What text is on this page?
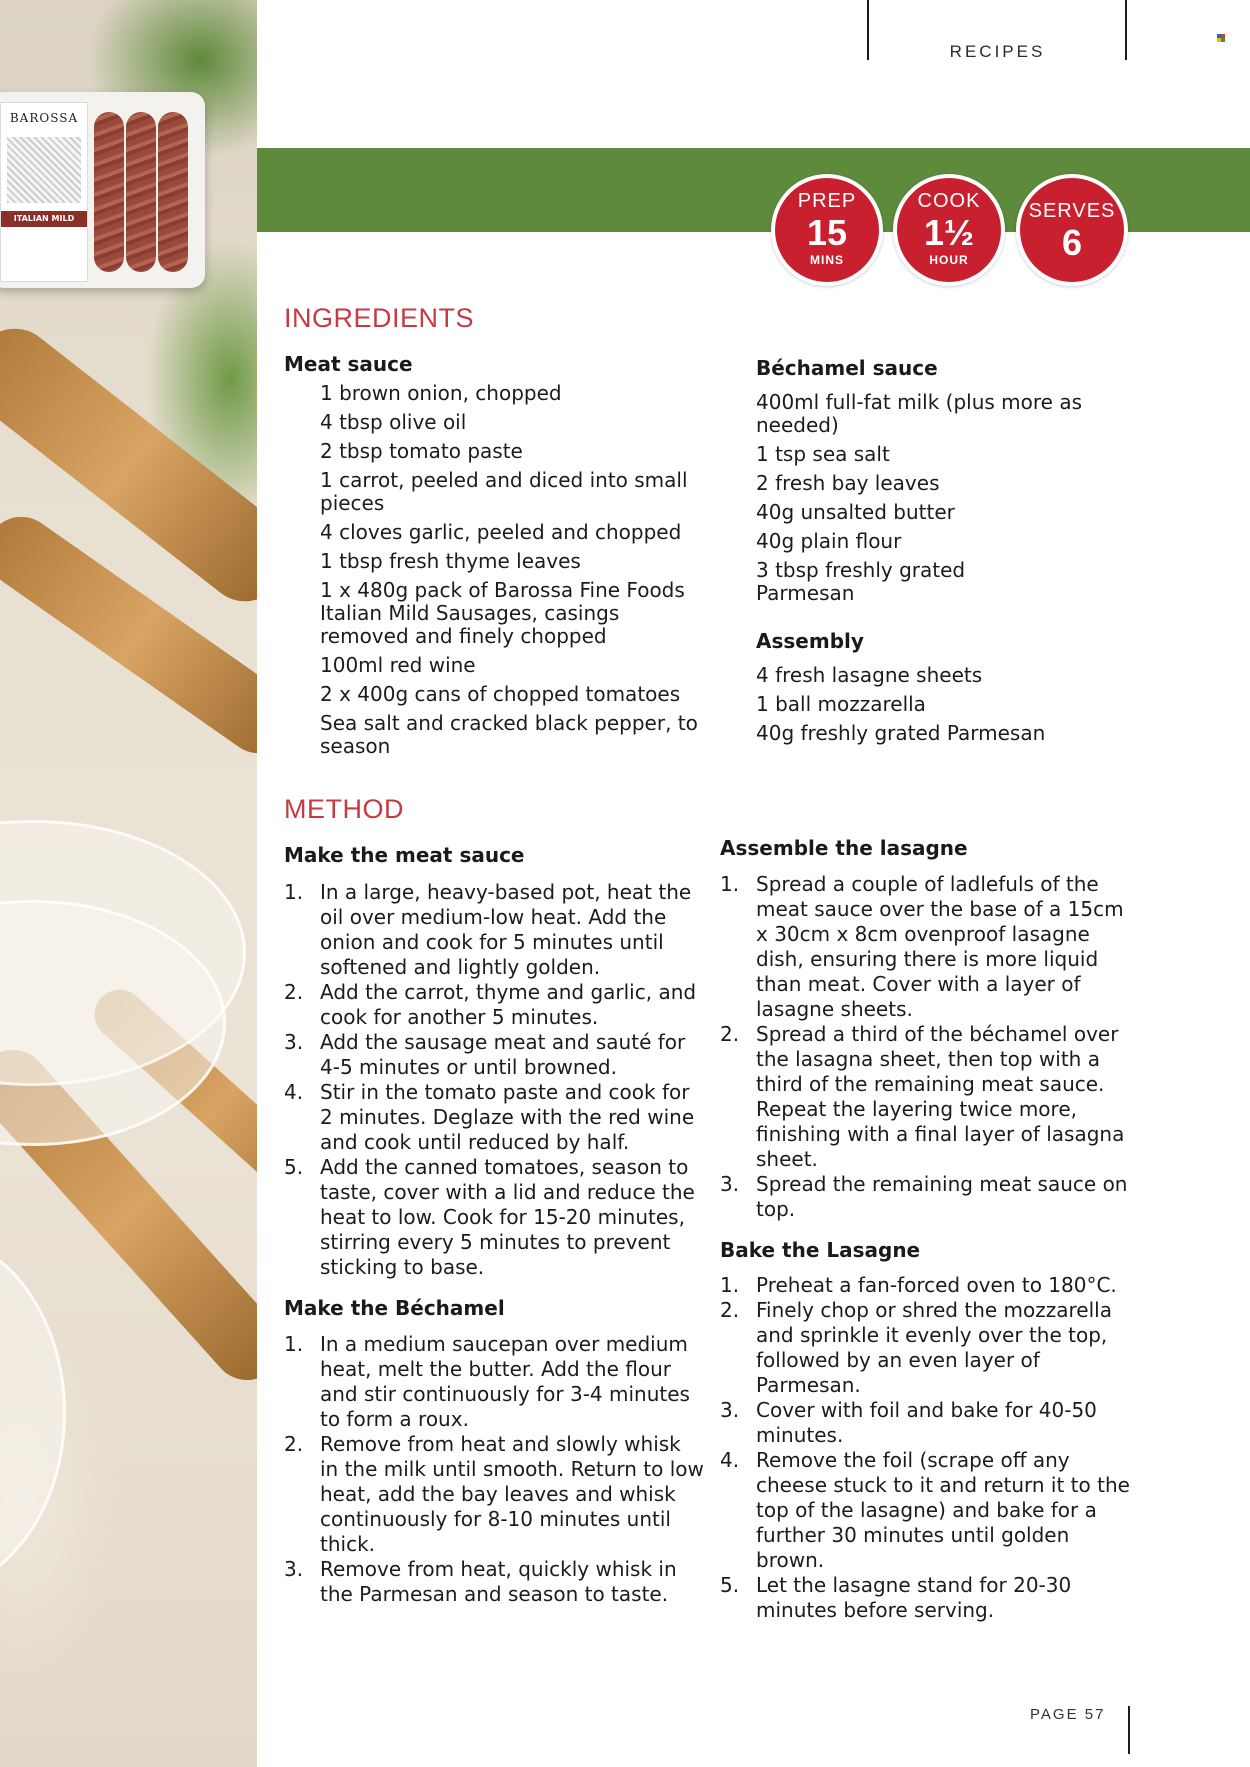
BAROSSA
ITALIAN MILD
RECIPES
PREP
15
MINS
COOK
1½
HOUR
SERVES
6
INGREDIENTS
Meat sauce
1 brown onion, chopped
4 tbsp olive oil
2 tbsp tomato paste
1 carrot, peeled and diced into small pieces
4 cloves garlic, peeled and chopped
1 tbsp fresh thyme leaves
1 x 480g pack of Barossa Fine Foods Italian Mild Sausages, casings removed and finely chopped
100ml red wine
2 x 400g cans of chopped tomatoes
Sea salt and cracked black pepper, to season
Béchamel sauce
400ml full-fat milk (plus more as needed)
1 tsp sea salt
2 fresh bay leaves
40g unsalted butter
40g plain flour
3 tbsp freshly grated Parmesan
Assembly
4 fresh lasagne sheets
1 ball mozzarella
40g freshly grated Parmesan
METHOD
Make the meat sauce
1. In a large, heavy-based pot, heat the oil over medium-low heat. Add the onion and cook for 5 minutes until softened and lightly golden.
2. Add the carrot, thyme and garlic, and cook for another 5 minutes.
3. Add the sausage meat and sauté for 4-5 minutes or until browned.
4. Stir in the tomato paste and cook for 2 minutes. Deglaze with the red wine and cook until reduced by half.
5. Add the canned tomatoes, season to taste, cover with a lid and reduce the heat to low. Cook for 15-20 minutes, stirring every 5 minutes to prevent sticking to base.
Make the Béchamel
1. In a medium saucepan over medium heat, melt the butter. Add the flour and stir continuously for 3-4 minutes to form a roux.
2. Remove from heat and slowly whisk in the milk until smooth. Return to low heat, add the bay leaves and whisk continuously for 8-10 minutes until thick.
3. Remove from heat, quickly whisk in the Parmesan and season to taste.
Assemble the lasagne
1. Spread a couple of ladlefuls of the meat sauce over the base of a 15cm x 30cm x 8cm ovenproof lasagne dish, ensuring there is more liquid than meat. Cover with a layer of lasagne sheets.
2. Spread a third of the béchamel over the lasagna sheet, then top with a third of the remaining meat sauce. Repeat the layering twice more, finishing with a final layer of lasagna sheet.
3. Spread the remaining meat sauce on top.
Bake the Lasagne
1. Preheat a fan-forced oven to 180°C.
2. Finely chop or shred the mozzarella and sprinkle it evenly over the top, followed by an even layer of Parmesan.
3. Cover with foil and bake for 40-50 minutes.
4. Remove the foil (scrape off any cheese stuck to it and return it to the top of the lasagne) and bake for a further 30 minutes until golden brown.
5. Let the lasagne stand for 20-30 minutes before serving.
PAGE 57
